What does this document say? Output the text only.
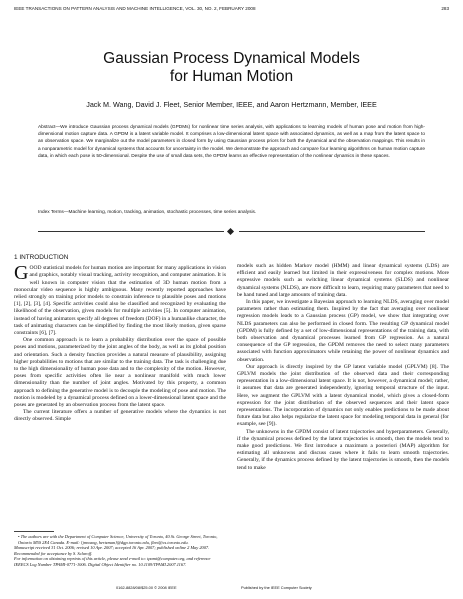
IEEE TRANSACTIONS ON PATTERN ANALYSIS AND MACHINE INTELLIGENCE, VOL. 30, NO. 2, FEBRUARY 2008	283
Gaussian Process Dynamical Models
for Human Motion
Jack M. Wang, David J. Fleet, Senior Member, IEEE, and Aaron Hertzmann, Member, IEEE
Abstract—We introduce Gaussian process dynamical models (GPDMs) for nonlinear time series analysis, with applications to learning models of human pose and motion from high-dimensional motion capture data. A GPDM is a latent variable model. It comprises a low-dimensional latent space with associated dynamics, as well as a map from the latent space to an observation space. We marginalize out the model parameters in closed form by using Gaussian process priors for both the dynamical and the observation mappings. This results in a nonparametric model for dynamical systems that accounts for uncertainty in the model. We demonstrate the approach and compare four learning algorithms on human motion capture data, in which each pose is 50-dimensional. Despite the use of small data sets, the GPDM learns an effective representation of the nonlinear dynamics in these spaces.
Index Terms—Machine learning, motion, tracking, animation, stochastic processes, time series analysis.
1 INTRODUCTION

GOOD statistical models for human motion are important for many applications in vision and graphics, notably visual tracking, activity recognition, and computer animation. It is well known in computer vision that the estimation of 3D human motion from a monocular video sequence is highly ambiguous. Many recently reported approaches have relied strongly on training prior models to constrain inference to plausible poses and motions [1], [2], [3], [4]. Specific activities could also be classified and recognized by evaluating the likelihood of the observation, given models for multiple activities [5]. In computer animation, instead of having animators specify all degrees of freedom (DOF) in a humanlike character, the task of animating characters can be simplified by finding the most likely motion, given sparse constraints [6], [7].

One common approach is to learn a probability distribution over the space of possible poses and motions, parameterized by the joint angles of the body, as well as its global position and orientation. Such a density function provides a natural measure of plausibility, assigning higher probabilities to motions that are similar to the training data. The task is challenging due to the high dimensionality of human pose data and to the complexity of the motion. However, poses from specific activities often lie near a nonlinear manifold with much lower dimensionality than the number of joint angles. Motivated by this property, a common approach to defining the generative model is to decouple the modeling of pose and motion. The motion is modeled by a dynamical process defined on a lower-dimensional latent space and the poses are generated by an observation process from the latent space.

The current literature offers a number of generative models where the dynamics is not directly observed. Simple

models such as hidden Markov model (HMM) and linear dynamical systems (LDS) are efficient and easily learned but limited in their expressiveness for complex motions. More expressive models such as switching linear dynamical systems (SLDS) and nonlinear dynamical systems (NLDS), are more difficult to learn, requiring many parameters that need to be hand tuned and large amounts of training data.

In this paper, we investigate a Bayesian approach to learning NLDS, averaging over model parameters rather than estimating them. Inspired by the fact that averaging over nonlinear regression models leads to a Gaussian process (GP) model, we show that integrating over NLDS parameters can also be performed in closed form. The resulting GP dynamical model (GPDM) is fully defined by a set of low-dimensional representations of the training data, with both observation and dynamical processes learned from GP regression. As a natural consequence of the GP regression, the GPDM removes the need to select many parameters associated with function approximators while retaining the power of nonlinear dynamics and observation.

Our approach is directly inspired by the GP latent variable model (GPLVM) [8]. The GPLVM models the joint distribution of the observed data and their corresponding representation in a low-dimensional latent space. It is not, however, a dynamical model; rather, it assumes that data are generated independently, ignoring temporal structure of the input. Here, we augment the GPLVM with a latent dynamical model, which gives a closed-form expression for the joint distribution of the observed sequences and their latent space representations. The incorporation of dynamics not only enables predictions to be made about future data but also helps regularize the latent space for modeling temporal data in general (for example, see [9]).

The unknowns in the GPDM consist of latent trajectories and hyperparameters. Generally, if the dynamical process defined by the latent trajectories is smooth, then the models tend to make good predictions. We first introduce a maximum a posteriori (MAP) algorithm for estimating all unknowns and discuss cases where it fails to learn smooth trajectories. Generally, if the dynamics process defined by the latent trajectories is smooth, then the models tend to make

• The authors are with the Department of Computer Science, University of Toronto, 40 St. George Street, Toronto, Ontario M5S 2E4 Canada. E-mail: {jmwang, hertzman}@dgp.toronto.edu, fleet@cs.toronto.edu.
Manuscript received 31 Oct. 2006; revised 10 Apr. 2007; accepted 16 Apr. 2007; published online 2 May 2007.
Recommended for acceptance by S. Sclaroff.
For information on obtaining reprints of this article, please send e-mail to: tpami@computer.org, and reference IEEECS Log Number TPAMI-0771-1006. Digital Object Identifier no. 10.1109/TPAMI.2007.1167.
0162-8828/08/$25.00 © 2008 IEEE	Published by the IEEE Computer Society
